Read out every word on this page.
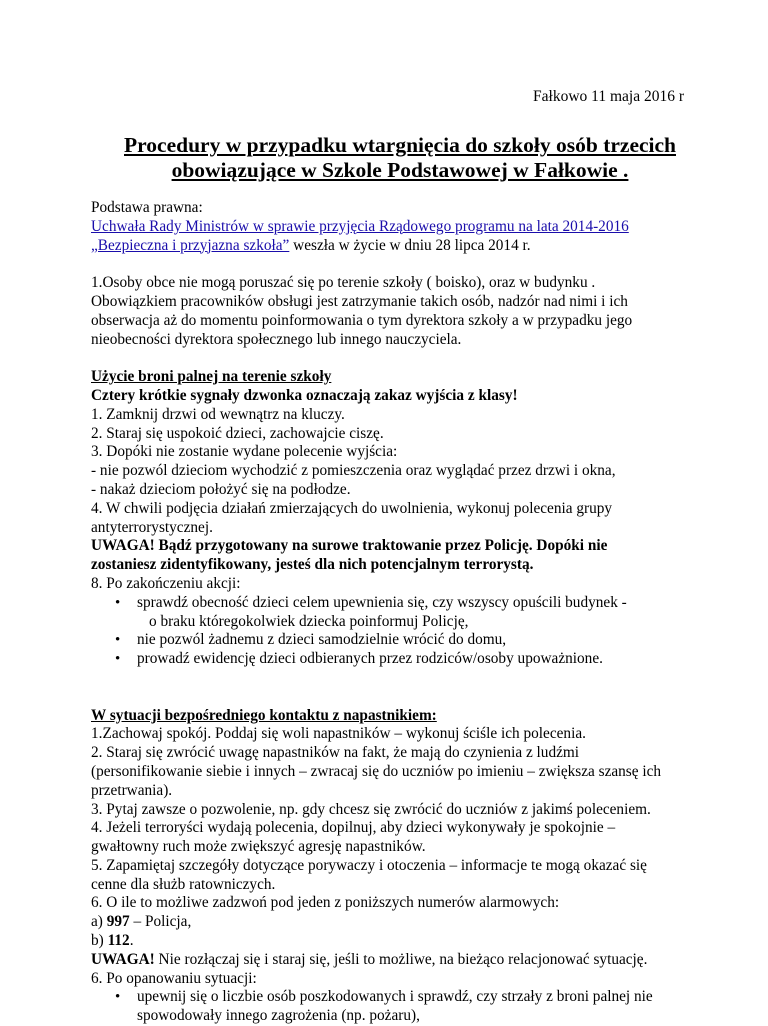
Fałkowo 11 maja 2016 r
Procedury w przypadku wtargnięcia do szkoły osób trzecich
obowiązujące w Szkole Podstawowej w Fałkowie .

Podstawa prawna:

Uchwała Rady Ministrów w sprawie przyjęcia Rządowego programu na lata 2014-2016

„Bezpieczna i przyjazna szkoła” weszła w życie w dniu 28 lipca 2014 r.

1.Osoby obce nie mogą poruszać się po terenie szkoły ( boisko), oraz w budynku .

Obowiązkiem pracowników obsługi jest zatrzymanie takich osób, nadzór nad nimi i ich

obserwacja aż do momentu poinformowania o tym dyrektora szkoły a w przypadku jego

nieobecności dyrektora społecznego lub innego nauczyciela.

Użycie broni palnej na terenie szkoły

Cztery krótkie sygnały dzwonka oznaczają zakaz wyjścia z klasy!

1. Zamknij drzwi od wewnątrz na kluczy.

2. Staraj się uspokoić dzieci, zachowajcie ciszę.

3. Dopóki nie zostanie wydane polecenie wyjścia:

- nie pozwól dzieciom wychodzić z pomieszczenia oraz wyglądać przez drzwi i okna,

- nakaż dzieciom położyć się na podłodze.

4. W chwili podjęcia działań zmierzających do uwolnienia, wykonuj polecenia grupy

antyterrorystycznej.

UWAGA! Bądź przygotowany na surowe traktowanie przez Policję. Dopóki nie

zostaniesz zidentyfikowany, jesteś dla nich potencjalnym terrorystą.

8. Po zakończeniu akcji:

• sprawdź obecność dzieci celem upewnienia się, czy wszyscy opuścili budynek -
o braku któregokolwiek dziecka poinformuj Policję,
• nie pozwól żadnemu z dzieci samodzielnie wrócić do domu,
• prowadź ewidencję dzieci odbieranych przez rodziców/osoby upoważnione.

W sytuacji bezpośredniego kontaktu z napastnikiem:

1.Zachowaj spokój. Poddaj się woli napastników – wykonuj ściśle ich polecenia.

2. Staraj się zwrócić uwagę napastników na fakt, że mają do czynienia z ludźmi

(personifikowanie siebie i innych – zwracaj się do uczniów po imieniu – zwiększa szansę ich

przetrwania).

3. Pytaj zawsze o pozwolenie, np. gdy chcesz się zwrócić do uczniów z jakimś poleceniem.

4. Jeżeli terroryści wydają polecenia, dopilnuj, aby dzieci wykonywały je spokojnie –

gwałtowny ruch może zwiększyć agresję napastników.

5. Zapamiętaj szczegóły dotyczące porywaczy i otoczenia – informacje te mogą okazać się

cenne dla służb ratowniczych.

6. O ile to możliwe zadzwoń pod jeden z poniższych numerów alarmowych:

a) 997 – Policja,

b) 112.

UWAGA! Nie rozłączaj się i staraj się, jeśli to możliwe, na bieżąco relacjonować sytuację.

6. Po opanowaniu sytuacji:

• upewnij się o liczbie osób poszkodowanych i sprawdź, czy strzały z broni palnej nie
spowodowały innego zagrożenia (np. pożaru),
